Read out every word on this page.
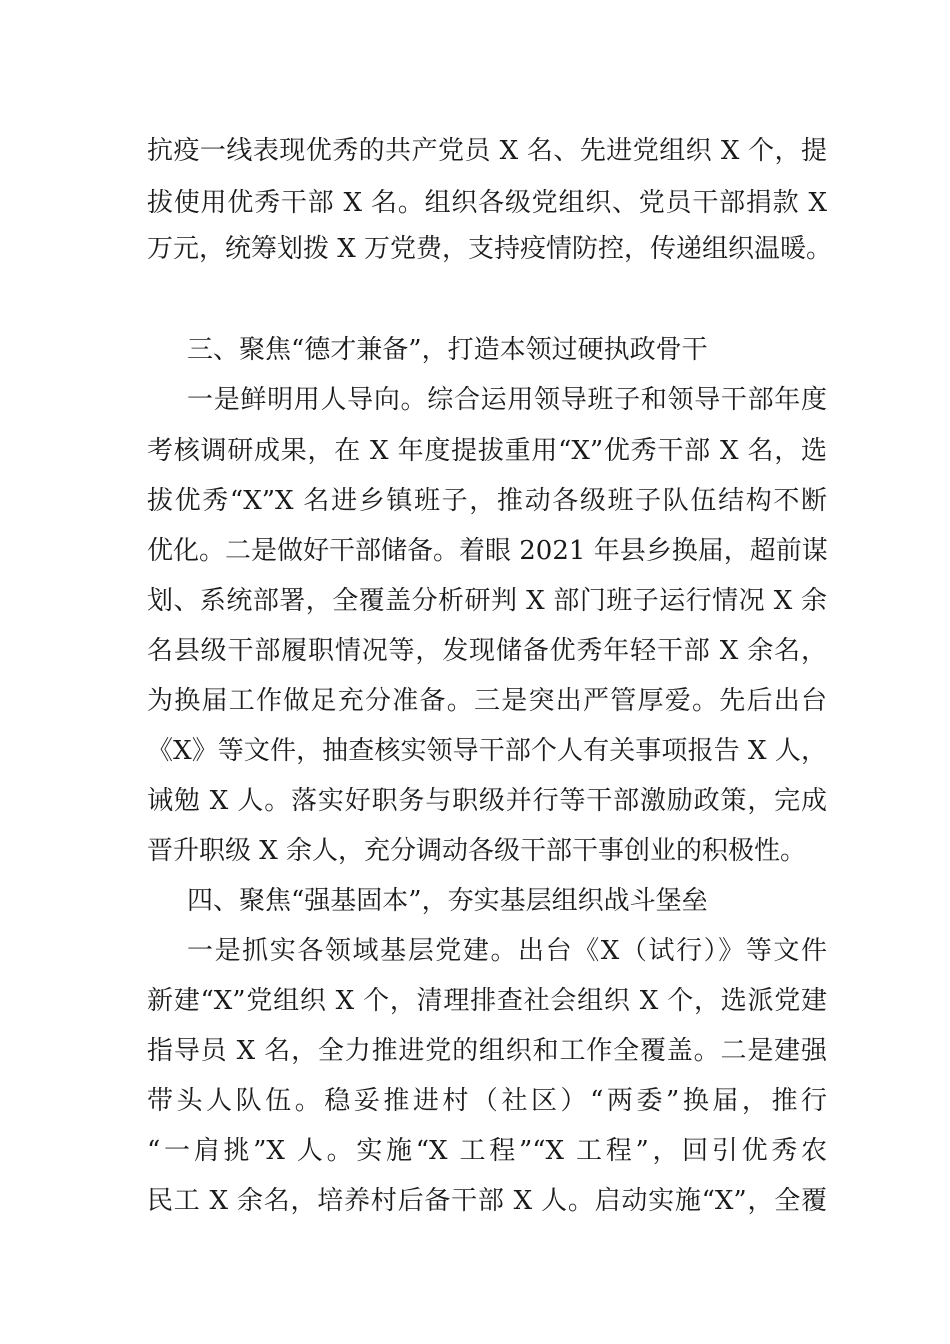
抗疫一线表现优秀的共产党员 X 名、先进党组织 X 个，提
拔使用优秀干部 X 名。组织各级党组织、党员干部捐款 X
万元，统筹划拨 X 万党费，支持疫情防控，传递组织温暖。
三、聚焦“德才兼备”，打造本领过硬执政骨干
一是鲜明用人导向。综合运用领导班子和领导干部年度
考核调研成果，在 X 年度提拔重用“X”优秀干部 X 名，选
拔优秀“X”X 名进乡镇班子，推动各级班子队伍结构不断
优化。二是做好干部储备。着眼 2021 年县乡换届，超前谋
划、系统部署，全覆盖分析研判 X 部门班子运行情况 X 余
名县级干部履职情况等，发现储备优秀年轻干部 X 余名，
为换届工作做足充分准备。三是突出严管厚爱。先后出台
《X》等文件，抽查核实领导干部个人有关事项报告 X 人，
诫勉 X 人。落实好职务与职级并行等干部激励政策，完成
晋升职级 X 余人，充分调动各级干部干事创业的积极性。
四、聚焦“强基固本”，夯实基层组织战斗堡垒
一是抓实各领域基层党建。出台《X（试行）》等文件
新建“X”党组织 X 个，清理排查社会组织 X 个，选派党建
指导员 X 名，全力推进党的组织和工作全覆盖。二是建强
带头人队伍。稳妥推进村（社区）“两委”换届，推行
“一肩挑”X 人。实施“X 工程”“X 工程”，回引优秀农
民工 X 余名，培养村后备干部 X 人。启动实施“X”，全覆
